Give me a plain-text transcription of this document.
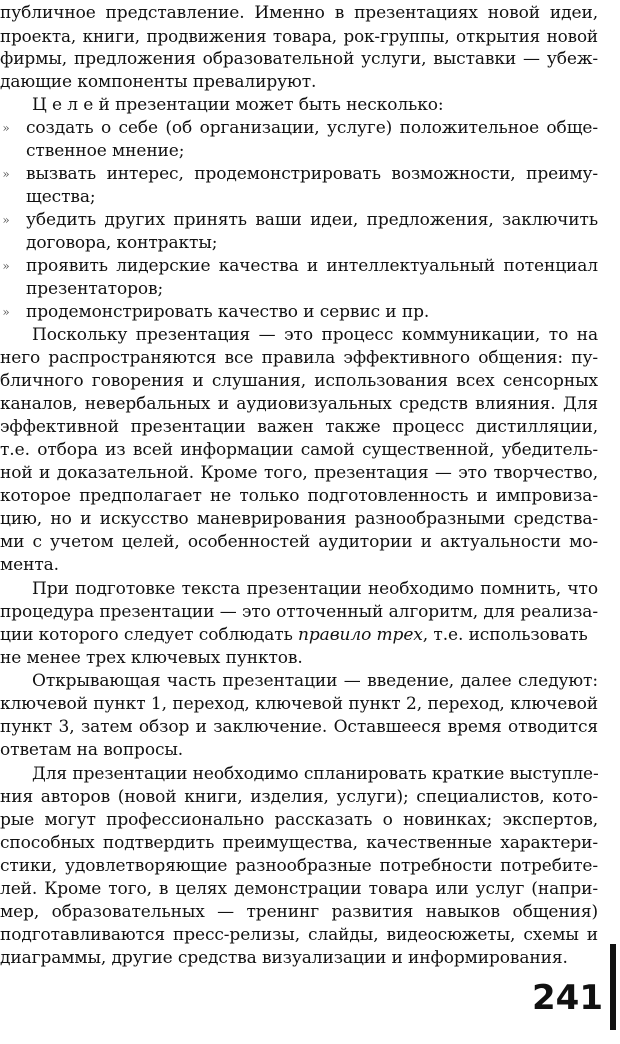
публичное представление. Именно в презентациях новой идеи,
проекта, книги, продвижения товара, рок-группы, открытия новой
фирмы, предложения образовательной услуги, выставки — убеж-
дающие компоненты превалируют.
Ц е л е й презентации может быть несколько:
» создать о себе (об организации, услуге) положительное обще-
ственное мнение;
» вызвать интерес, продемонстрировать возможности, преиму-
щества;
» убедить других принять ваши идеи, предложения, заключить
договора, контракты;
» проявить лидерские качества и интеллектуальный потенциал
презентаторов;
» продемонстрировать качество и сервис и пр.
Поскольку презентация — это процесс коммуникации, то на
него распространяются все правила эффективного общения: пу-
бличного говорения и слушания, использования всех сенсорных
каналов, невербальных и аудиовизуальных средств влияния. Для
эффективной презентации важен также процесс дистилляции,
т.е. отбора из всей информации самой существенной, убедитель-
ной и доказательной. Кроме того, презентация — это творчество,
которое предполагает не только подготовленность и импровиза-
цию, но и искусство маневрирования разнообразными средства-
ми с учетом целей, особенностей аудитории и актуальности мо-
мента.
При подготовке текста презентации необходимо помнить, что
процедура презентации — это отточенный алгоритм, для реализа-
ции которого следует соблюдать правило трех, т.е. использовать
не менее трех ключевых пунктов.
Открывающая часть презентации — введение, далее следуют:
ключевой пункт 1, переход, ключевой пункт 2, переход, ключевой
пункт 3, затем обзор и заключение. Оставшееся время отводится
ответам на вопросы.
Для презентации необходимо спланировать краткие выступле-
ния авторов (новой книги, изделия, услуги); специалистов, кото-
рые могут профессионально рассказать о новинках; экспертов,
способных подтвердить преимущества, качественные характери-
стики, удовлетворяющие разнообразные потребности потребите-
лей. Кроме того, в целях демонстрации товара или услуг (напри-
мер, образовательных — тренинг развития навыков общения)
подготавливаются пресс-релизы, слайды, видеосюжеты, схемы и
диаграммы, другие средства визуализации и информирования.
241
